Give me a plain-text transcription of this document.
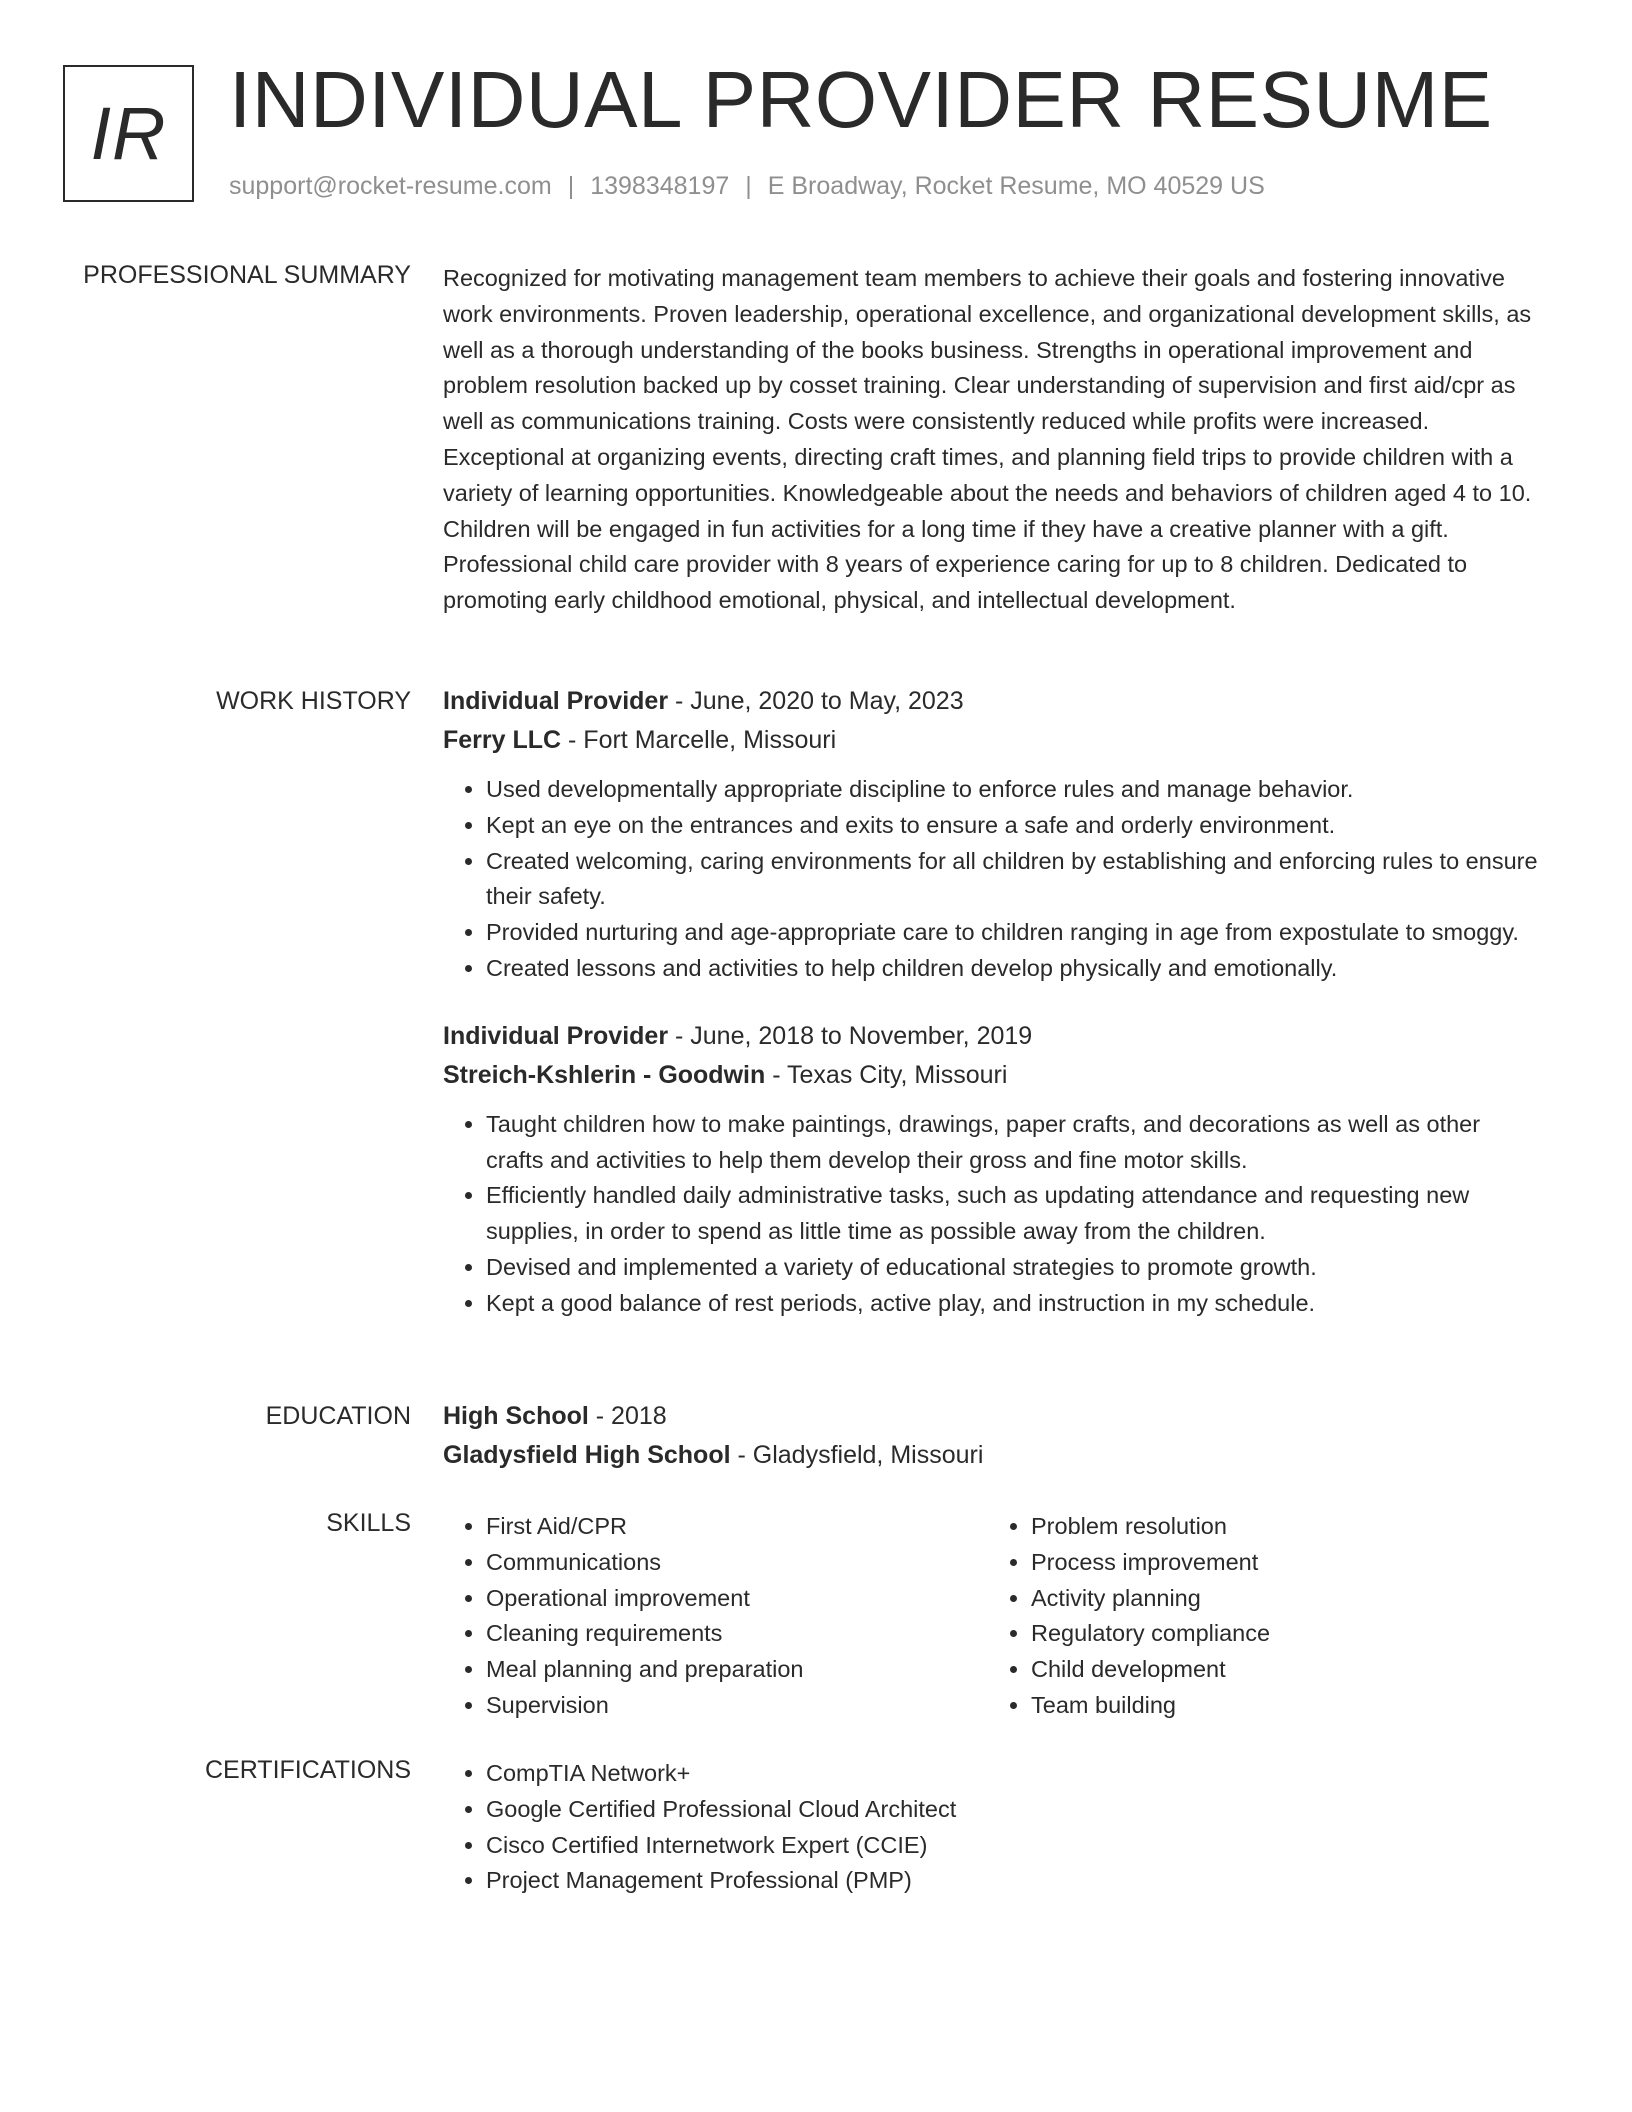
IR INDIVIDUAL PROVIDER RESUME
support@rocket-resume.com | 1398348197 | E Broadway, Rocket Resume, MO 40529 US
PROFESSIONAL SUMMARY Recognized for motivating management team members to achieve their goals and fostering innovative work environments. Proven leadership, operational excellence, and organizational development skills, as well as a thorough understanding of the books business. Strengths in operational improvement and problem resolution backed up by cosset training. Clear understanding of supervision and first aid/cpr as well as communications training. Costs were consistently reduced while profits were increased. Exceptional at organizing events, directing craft times, and planning field trips to provide children with a variety of learning opportunities. Knowledgeable about the needs and behaviors of children aged 4 to 10. Children will be engaged in fun activities for a long time if they have a creative planner with a gift. Professional child care provider with 8 years of experience caring for up to 8 children. Dedicated to promoting early childhood emotional, physical, and intellectual development.

WORK HISTORY Individual Provider - June, 2020 to May, 2023
Ferry LLC - Fort Marcelle, Missouri
• Used developmentally appropriate discipline to enforce rules and manage behavior.
• Kept an eye on the entrances and exits to ensure a safe and orderly environment.
• Created welcoming, caring environments for all children by establishing and enforcing rules to ensure their safety.
• Provided nurturing and age-appropriate care to children ranging in age from expostulate to smoggy.
• Created lessons and activities to help children develop physically and emotionally.
Individual Provider - June, 2018 to November, 2019
Streich-Kshlerin - Goodwin - Texas City, Missouri
• Taught children how to make paintings, drawings, paper crafts, and decorations as well as other crafts and activities to help them develop their gross and fine motor skills.
• Efficiently handled daily administrative tasks, such as updating attendance and requesting new supplies, in order to spend as little time as possible away from the children.
• Devised and implemented a variety of educational strategies to promote growth.
• Kept a good balance of rest periods, active play, and instruction in my schedule.
EDUCATION High School - 2018
Gladysfield High School - Gladysfield, Missouri
SKILLS	• First Aid/CPR
• Communications
• Operational improvement
• Cleaning requirements
• Meal planning and preparation
• Supervision
• Problem resolution
• Process improvement
• Activity planning
• Regulatory compliance
• Child development
• Team building
CERTIFICATIONS	• CompTIA Network+
• Google Certified Professional Cloud Architect
• Cisco Certified Internetwork Expert (CCIE)
• Project Management Professional (PMP)
